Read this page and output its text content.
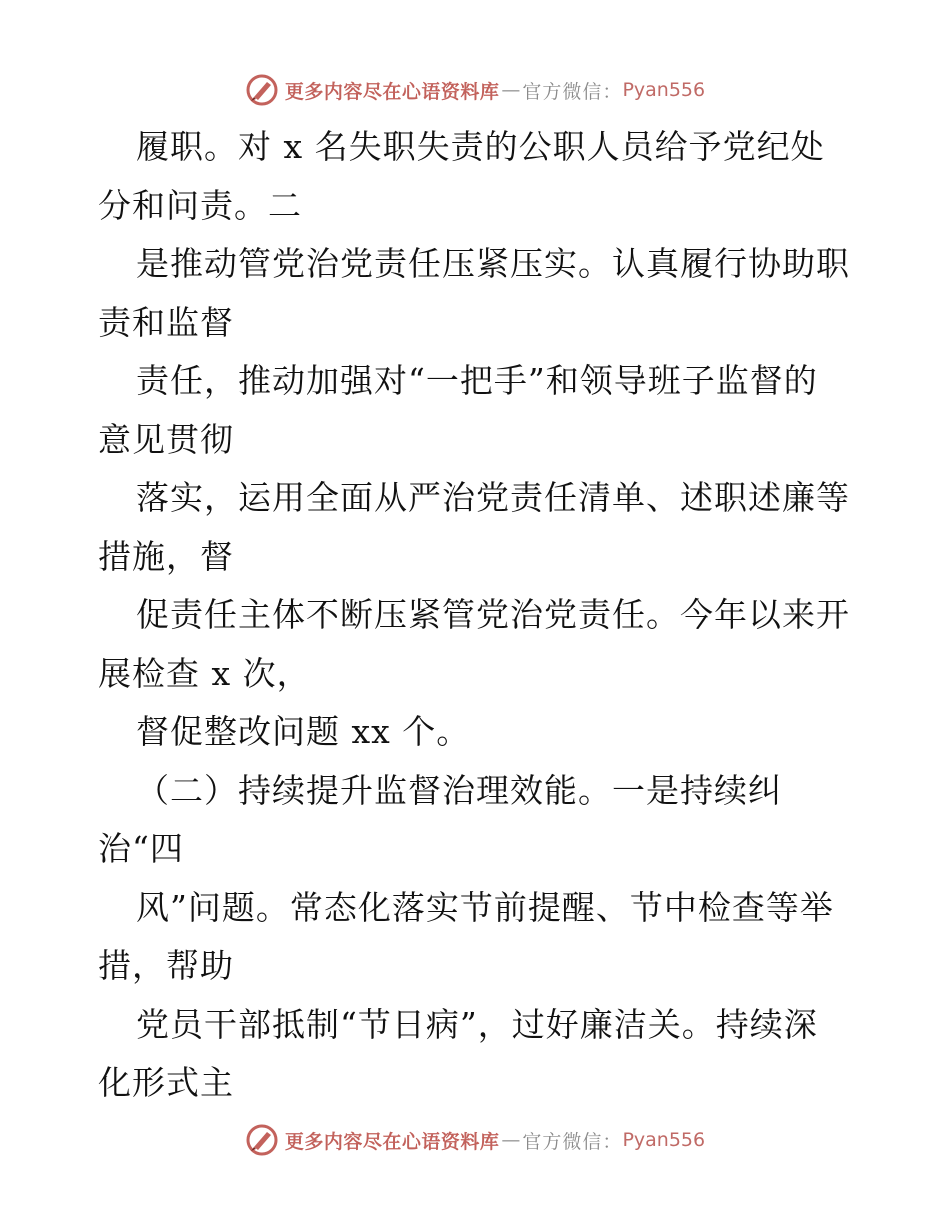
更多内容尽在心语资料库 — 官方微信： Pyan556
履职。对 x 名失职失责的公职人员给予党纪处
分和问责。二
是推动管党治党责任压紧压实。认真履行协助职
责和监督
责任，推动加强对“一把手”和领导班子监督的
意见贯彻
落实，运用全面从严治党责任清单、述职述廉等
措施，督
促责任主体不断压紧管党治党责任。今年以来开
展检查 x 次，
督促整改问题 xx 个。
（二）持续提升监督治理效能。一是持续纠
治“四
风”问题。常态化落实节前提醒、节中检查等举
措，帮助
党员干部抵制“节日病”，过好廉洁关。持续深
化形式主
更多内容尽在心语资料库 — 官方微信： Pyan556
